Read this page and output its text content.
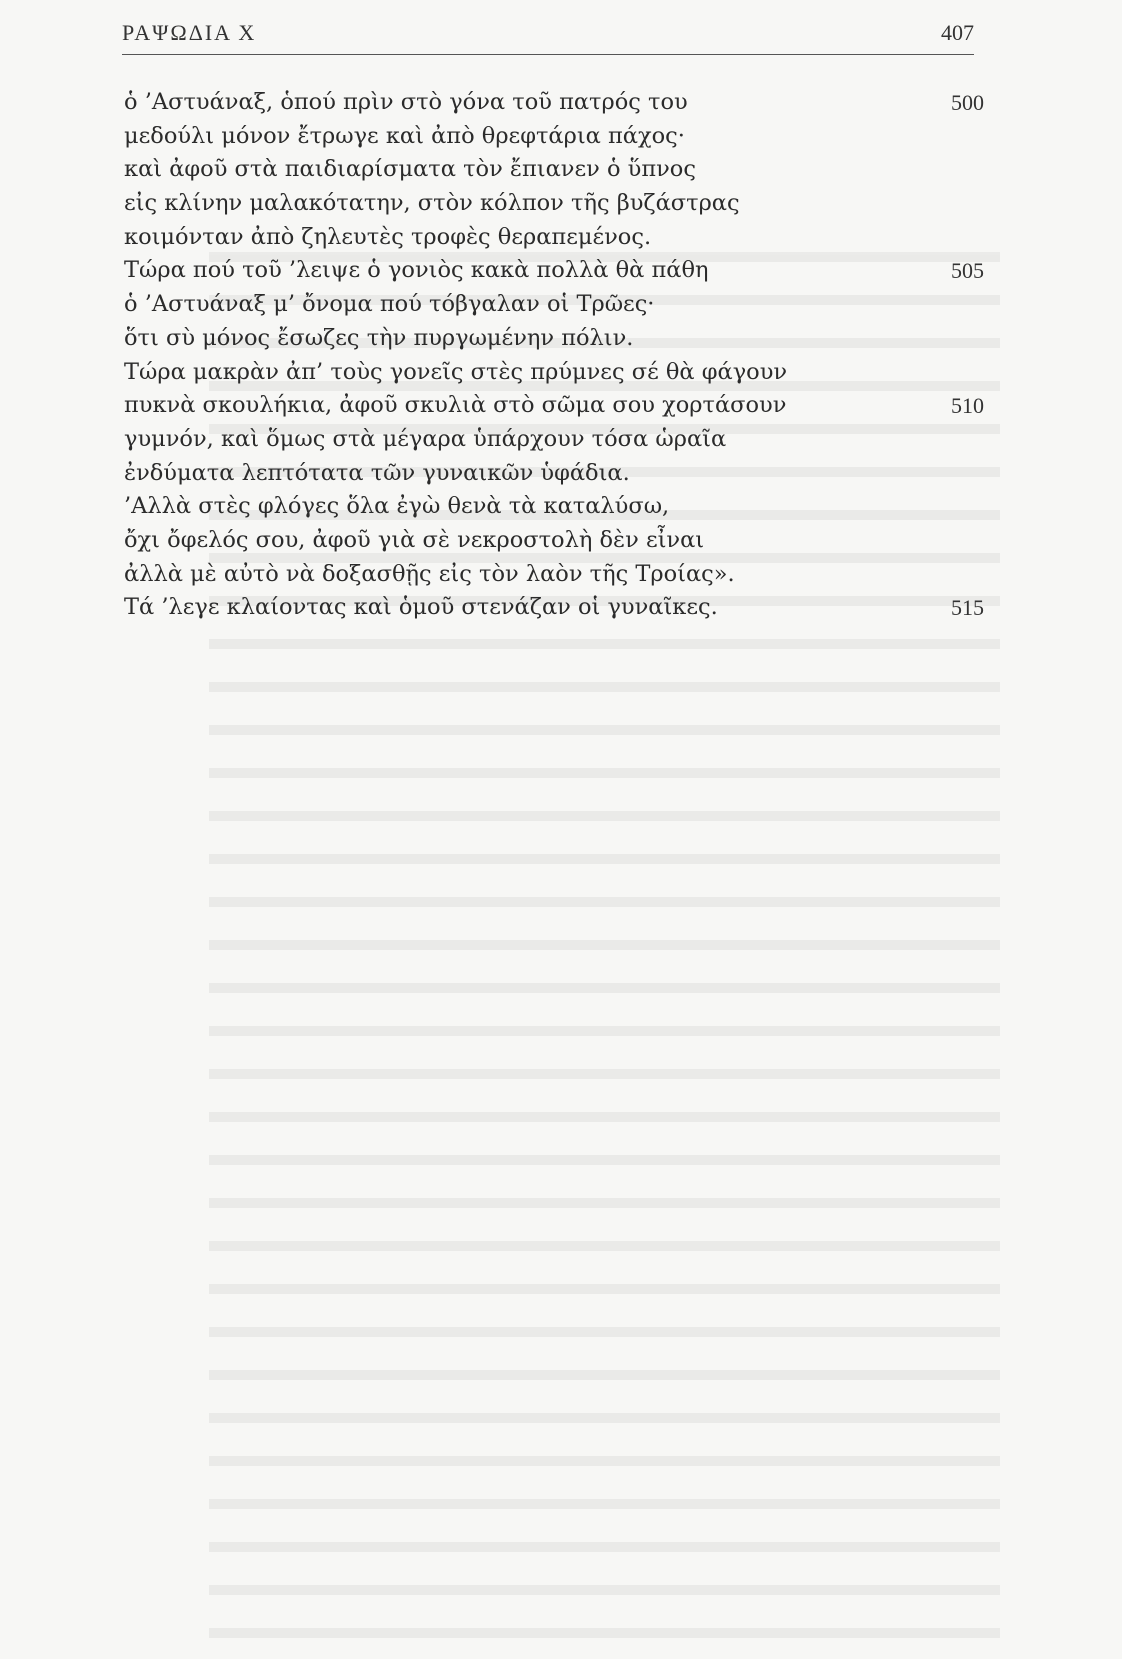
ΡΑΨΩΔΙΑ Χ	407
ὁ ’Αστυάναξ, ὁπού πρὶν στὸ γόνα τοῦ πατρός του	500
μεδούλι μόνον ἔτρωγε καὶ ἀπὸ θρεφτάρια πάχος·
καὶ ἀφοῦ στὰ παιδιαρίσματα τὸν ἔπιανεν ὁ ὕπνος
εἰς κλίνην μαλακότατην, στὸν κόλπον τῆς βυζάστρας
κοιμόνταν ἀπὸ ζηλευτὲς τροφὲς θεραπεμένος.
Τώρα πού τοῦ ’λειψε ὁ γονιὸς κακὰ πολλὰ θὰ πάθη	505
ὁ ’Αστυάναξ μ’ ὄνομα πού τόβγαλαν οἱ Τρῶες·
ὅτι σὺ μόνος ἔσωζες τὴν πυργωμένην πόλιν.
Τώρα μακρὰν ἀπ’ τοὺς γονεῖς στὲς πρύμνες σέ θὰ φάγουν
πυκνὰ σκουλήκια, ἀφοῦ σκυλιὰ στὸ σῶμα σου χορτάσουν	510
γυμνόν, καὶ ὅμως στὰ μέγαρα ὑπάρχουν τόσα ὡραῖα
ἐνδύματα λεπτότατα τῶν γυναικῶν ὑφάδια.
’Αλλὰ στὲς φλόγες ὅλα ἐγὼ θενὰ τὰ καταλύσω,
ὄχι ὄφελός σου, ἀφοῦ γιὰ σὲ νεκροστολὴ δὲν εἶναι
ἀλλὰ μὲ αὐτὸ νὰ δοξασθῇς εἰς τὸν λαὸν τῆς Τροίας».
Τά ’λεγε κλαίοντας καὶ ὁμοῦ στενάζαν οἱ γυναῖκες.	515
